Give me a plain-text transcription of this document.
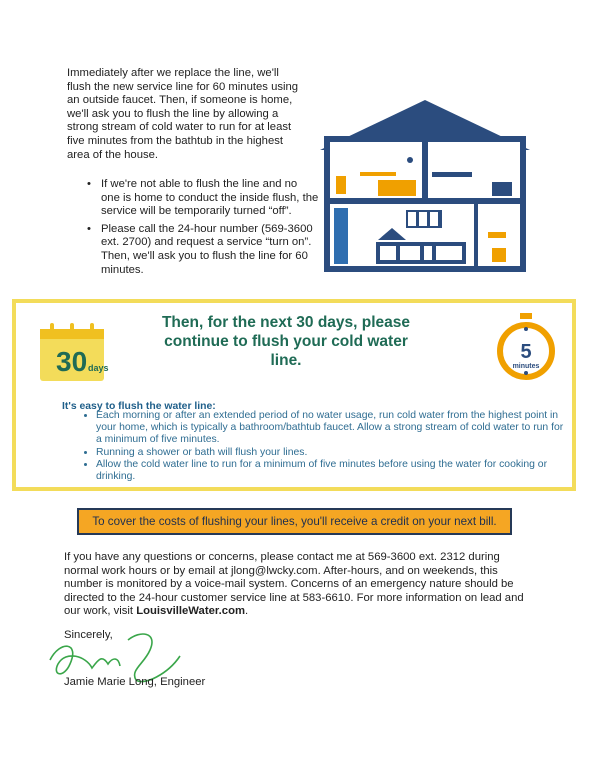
Immediately after we replace the line, we'll flush the new service line for 60 minutes using an outside faucet. Then, if someone is home, we'll ask you to flush the line by allowing a strong stream of cold water to run for at least five minutes from the bathtub in the highest area of the house.
• If we're not able to flush the line and no one is home to conduct the inside flush, the service will be temporarily turned “off”.
• Please call the 24-hour number (569-3600 ext. 2700) and request a service “turn on”. Then, we'll ask you to flush the line for 60 minutes.
30 days
Then, for the next 30 days, please continue to flush your cold water line.	5
minutes
It's easy to flush the water line:
• Each morning or after an extended period of no water usage, run cold water from the highest point in your home, which is typically a bathroom/bathtub faucet. Allow a strong stream of cold water to run for a minimum of five minutes.
• Running a shower or bath will flush your lines.
• Allow the cold water line to run for a minimum of five minutes before using the water for cooking or drinking.
To cover the costs of flushing your lines, you'll receive a credit on your next bill.
If you have any questions or concerns, please contact me at 569-3600 ext. 2312 during normal work hours or by email at jlong@lwcky.com. After-hours, and on weekends, this number is monitored by a voice-mail system. Concerns of an emergency nature should be directed to the 24-hour customer service line at 583-6610. For more information on lead and our work, visit LouisvilleWater.com.
Sincerely,
Jamie Marie Long, Engineer
